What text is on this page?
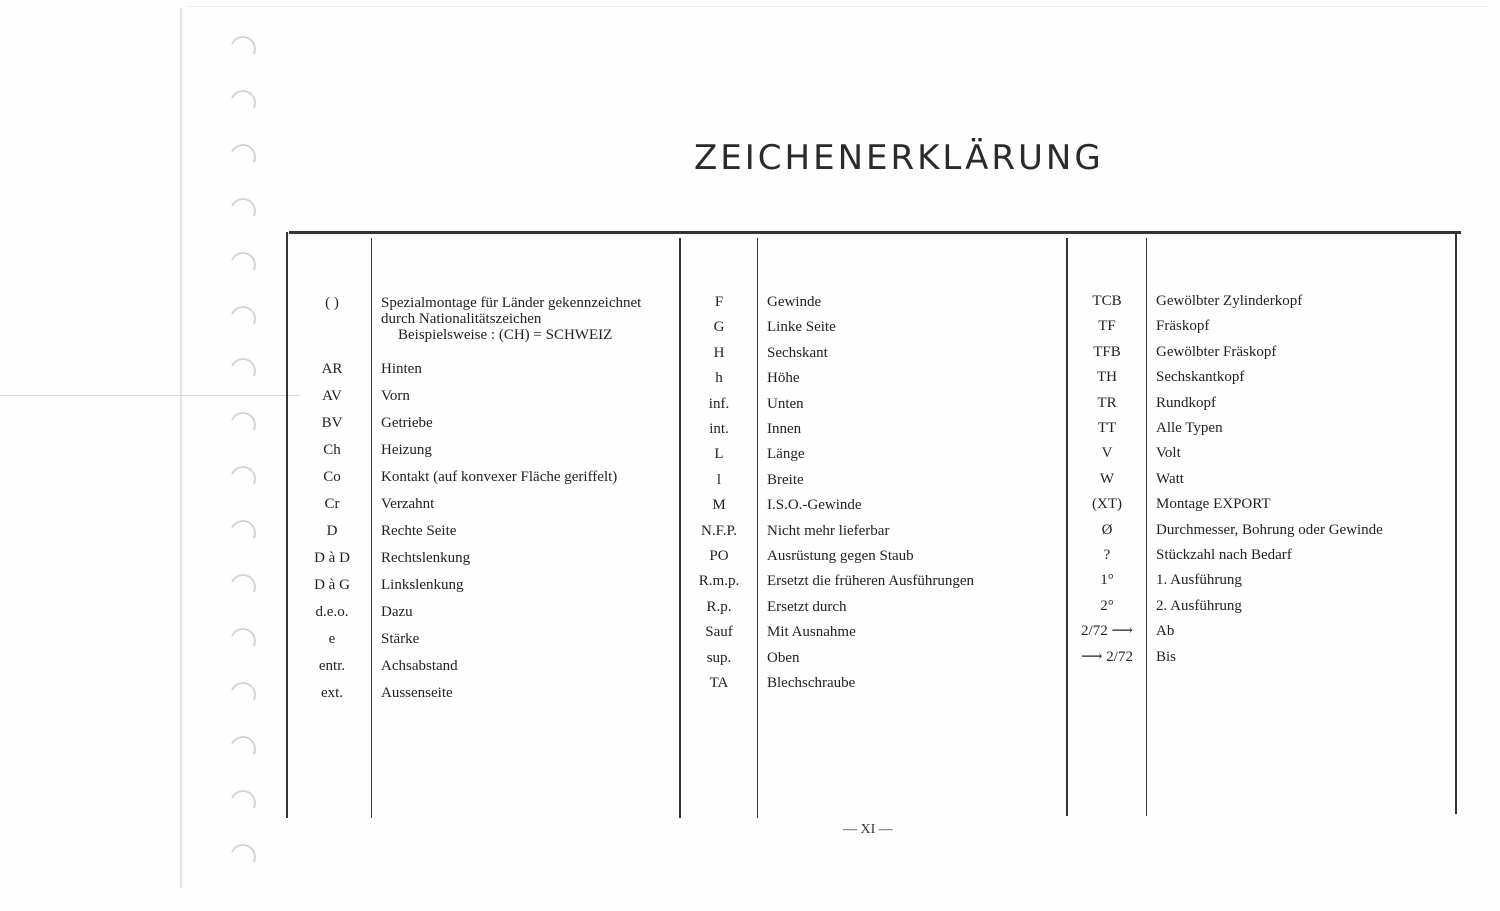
ZEICHENERKLÄRUNG
( )	Spezialmontage für Länder gekennzeichnet
durch Nationalitätszeichen
Beispielsweise : (CH) = SCHWEIZ
AR	Hinten
AV	Vorn
BV	Getriebe
Ch	Heizung
Co	Kontakt (auf konvexer Fläche geriffelt)
Cr	Verzahnt
D	Rechte Seite
D à D	Rechtslenkung
D à G	Linkslenkung
d.e.o.	Dazu
e	Stärke
entr.	Achsabstand
ext.	Aussenseite
F	Gewinde
G	Linke Seite
H	Sechskant
h	Höhe
inf.	Unten
int.	Innen
L	Länge
l	Breite
M	I.S.O.-Gewinde
N.F.P.	Nicht mehr lieferbar
PO	Ausrüstung gegen Staub
R.m.p.	Ersetzt die früheren Ausführungen
R.p.	Ersetzt durch
Sauf	Mit Ausnahme
sup.	Oben
TA	Blechschraube
TCB	Gewölbter Zylinderkopf
TF	Fräskopf
TFB	Gewölbter Fräskopf
TH	Sechskantkopf
TR	Rundkopf
TT	Alle Typen
V	Volt
W	Watt
(XT)	Montage EXPORT
Ø	Durchmesser, Bohrung oder Gewinde
?	Stückzahl nach Bedarf
1°	1. Ausführung
2°	2. Ausführung
2/72 ⟶	Ab
⟶ 2/72	Bis
— XI —
